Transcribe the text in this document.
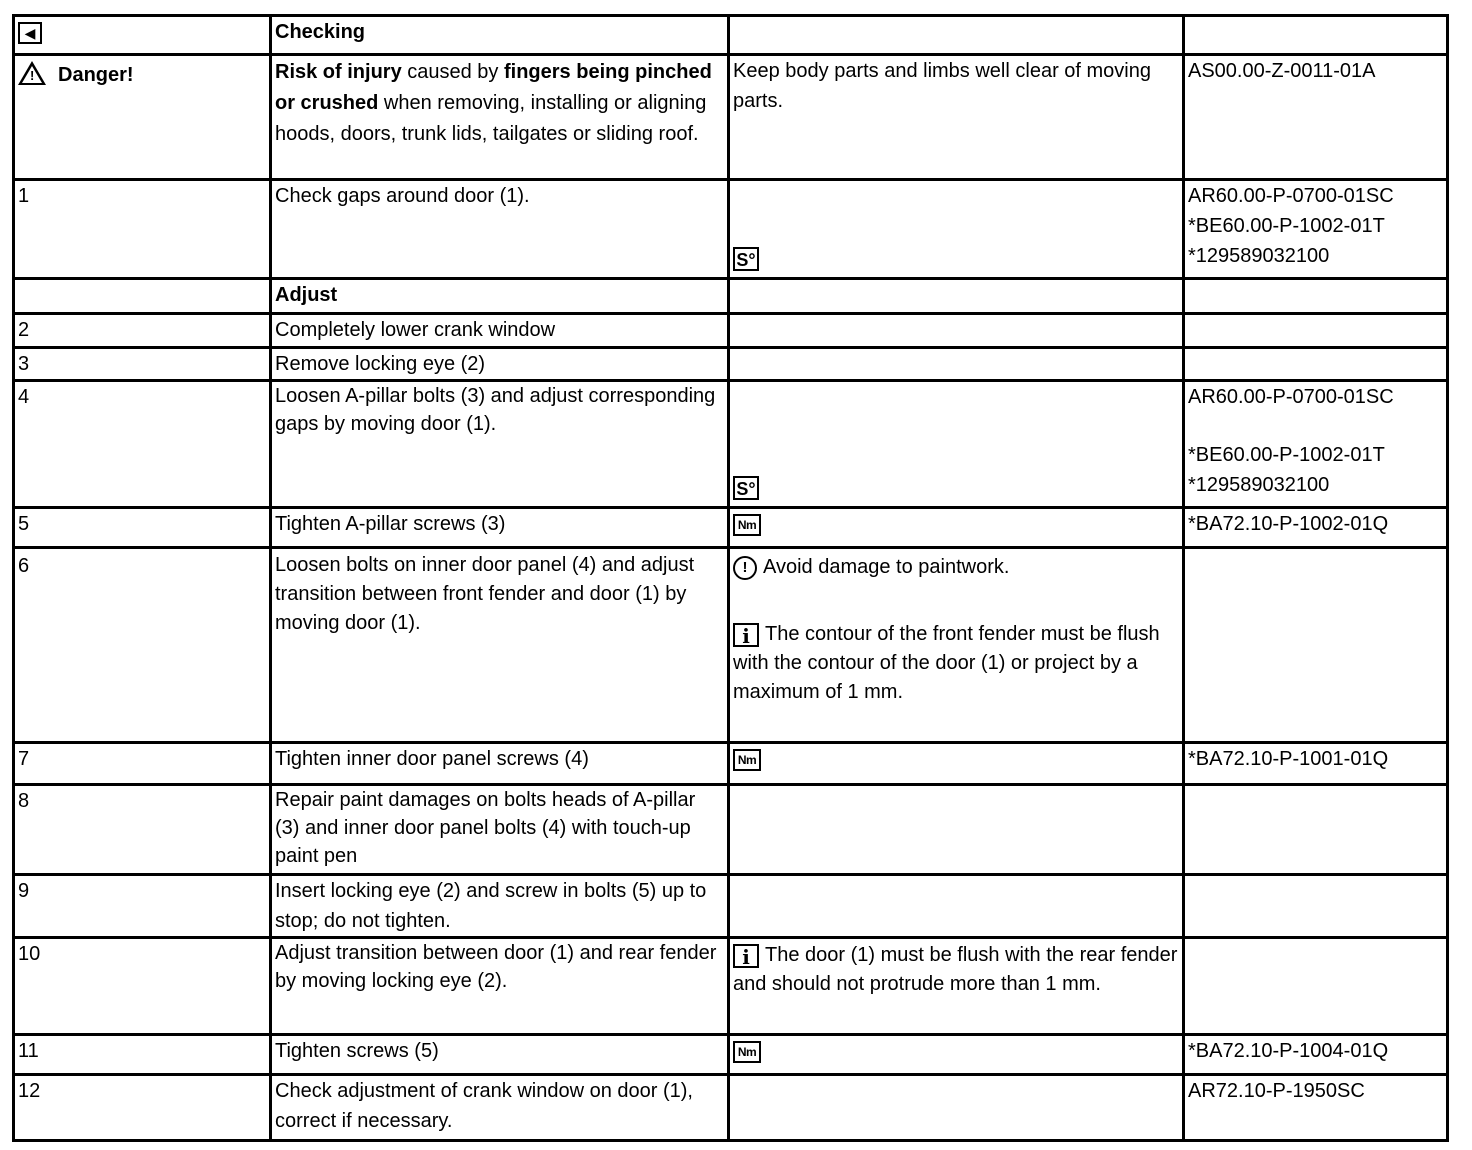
◀	Checking		

! Danger!	Risk of injury caused by fingers being pinched or crushed when removing, installing or aligning hoods, doors, trunk lids, tailgates or sliding roof.	Keep body parts and limbs well clear of moving parts.	AS00.00-Z-0011-01A
1	Check gaps around door (1).	S°	AR60.00-P-0700-01SC
*BE60.00-P-1002-01T
*129589032100

	Adjust		
2	Completely lower crank window		
3	Remove locking eye (2)		
4	Loosen A-pillar bolts (3) and adjust corresponding gaps by moving door (1).	S°	AR60.00-P-0700-01SC
*BE60.00-P-1002-01T
*129589032100

5	Tighten A-pillar screws (3)	Nm	*BA72.10-P-1002-01Q
6	Loosen bolts on inner door panel (4) and adjust transition between front fender and door (1) by moving door (1).	! Avoid damage to paintwork.
i The contour of the front fender must be flush with the contour of the door (1) or project by a maximum of 1 mm.	

7	Tighten inner door panel screws (4)	Nm	*BA72.10-P-1001-01Q
8	Repair paint damages on bolts heads of A-pillar (3) and inner door panel bolts (4) with touch-up paint pen		
9	Insert locking eye (2) and screw in bolts (5) up to stop; do not tighten.		
10	Adjust transition between door (1) and rear fender by moving locking eye (2).	i The door (1) must be flush with the rear fender and should not protrude more than 1 mm.	
11	Tighten screws (5)	Nm	*BA72.10-P-1004-01Q
12	Check adjustment of crank window on door (1), correct if necessary.		AR72.10-P-1950SC
